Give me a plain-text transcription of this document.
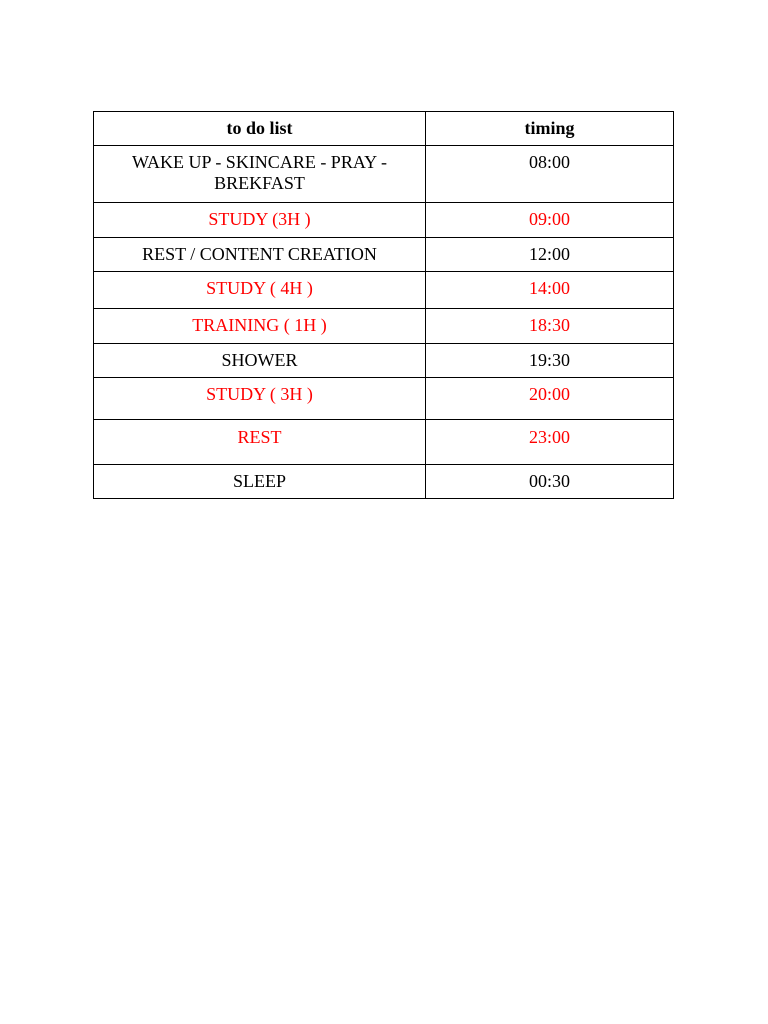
to do list	timing
WAKE UP - SKINCARE - PRAY - BREKFAST	08:00
STUDY (3H )	09:00
REST / CONTENT CREATION	12:00
STUDY ( 4H )	14:00
TRAINING ( 1H )	18:30
SHOWER	19:30
STUDY ( 3H )	20:00
REST	23:00
SLEEP	00:30
